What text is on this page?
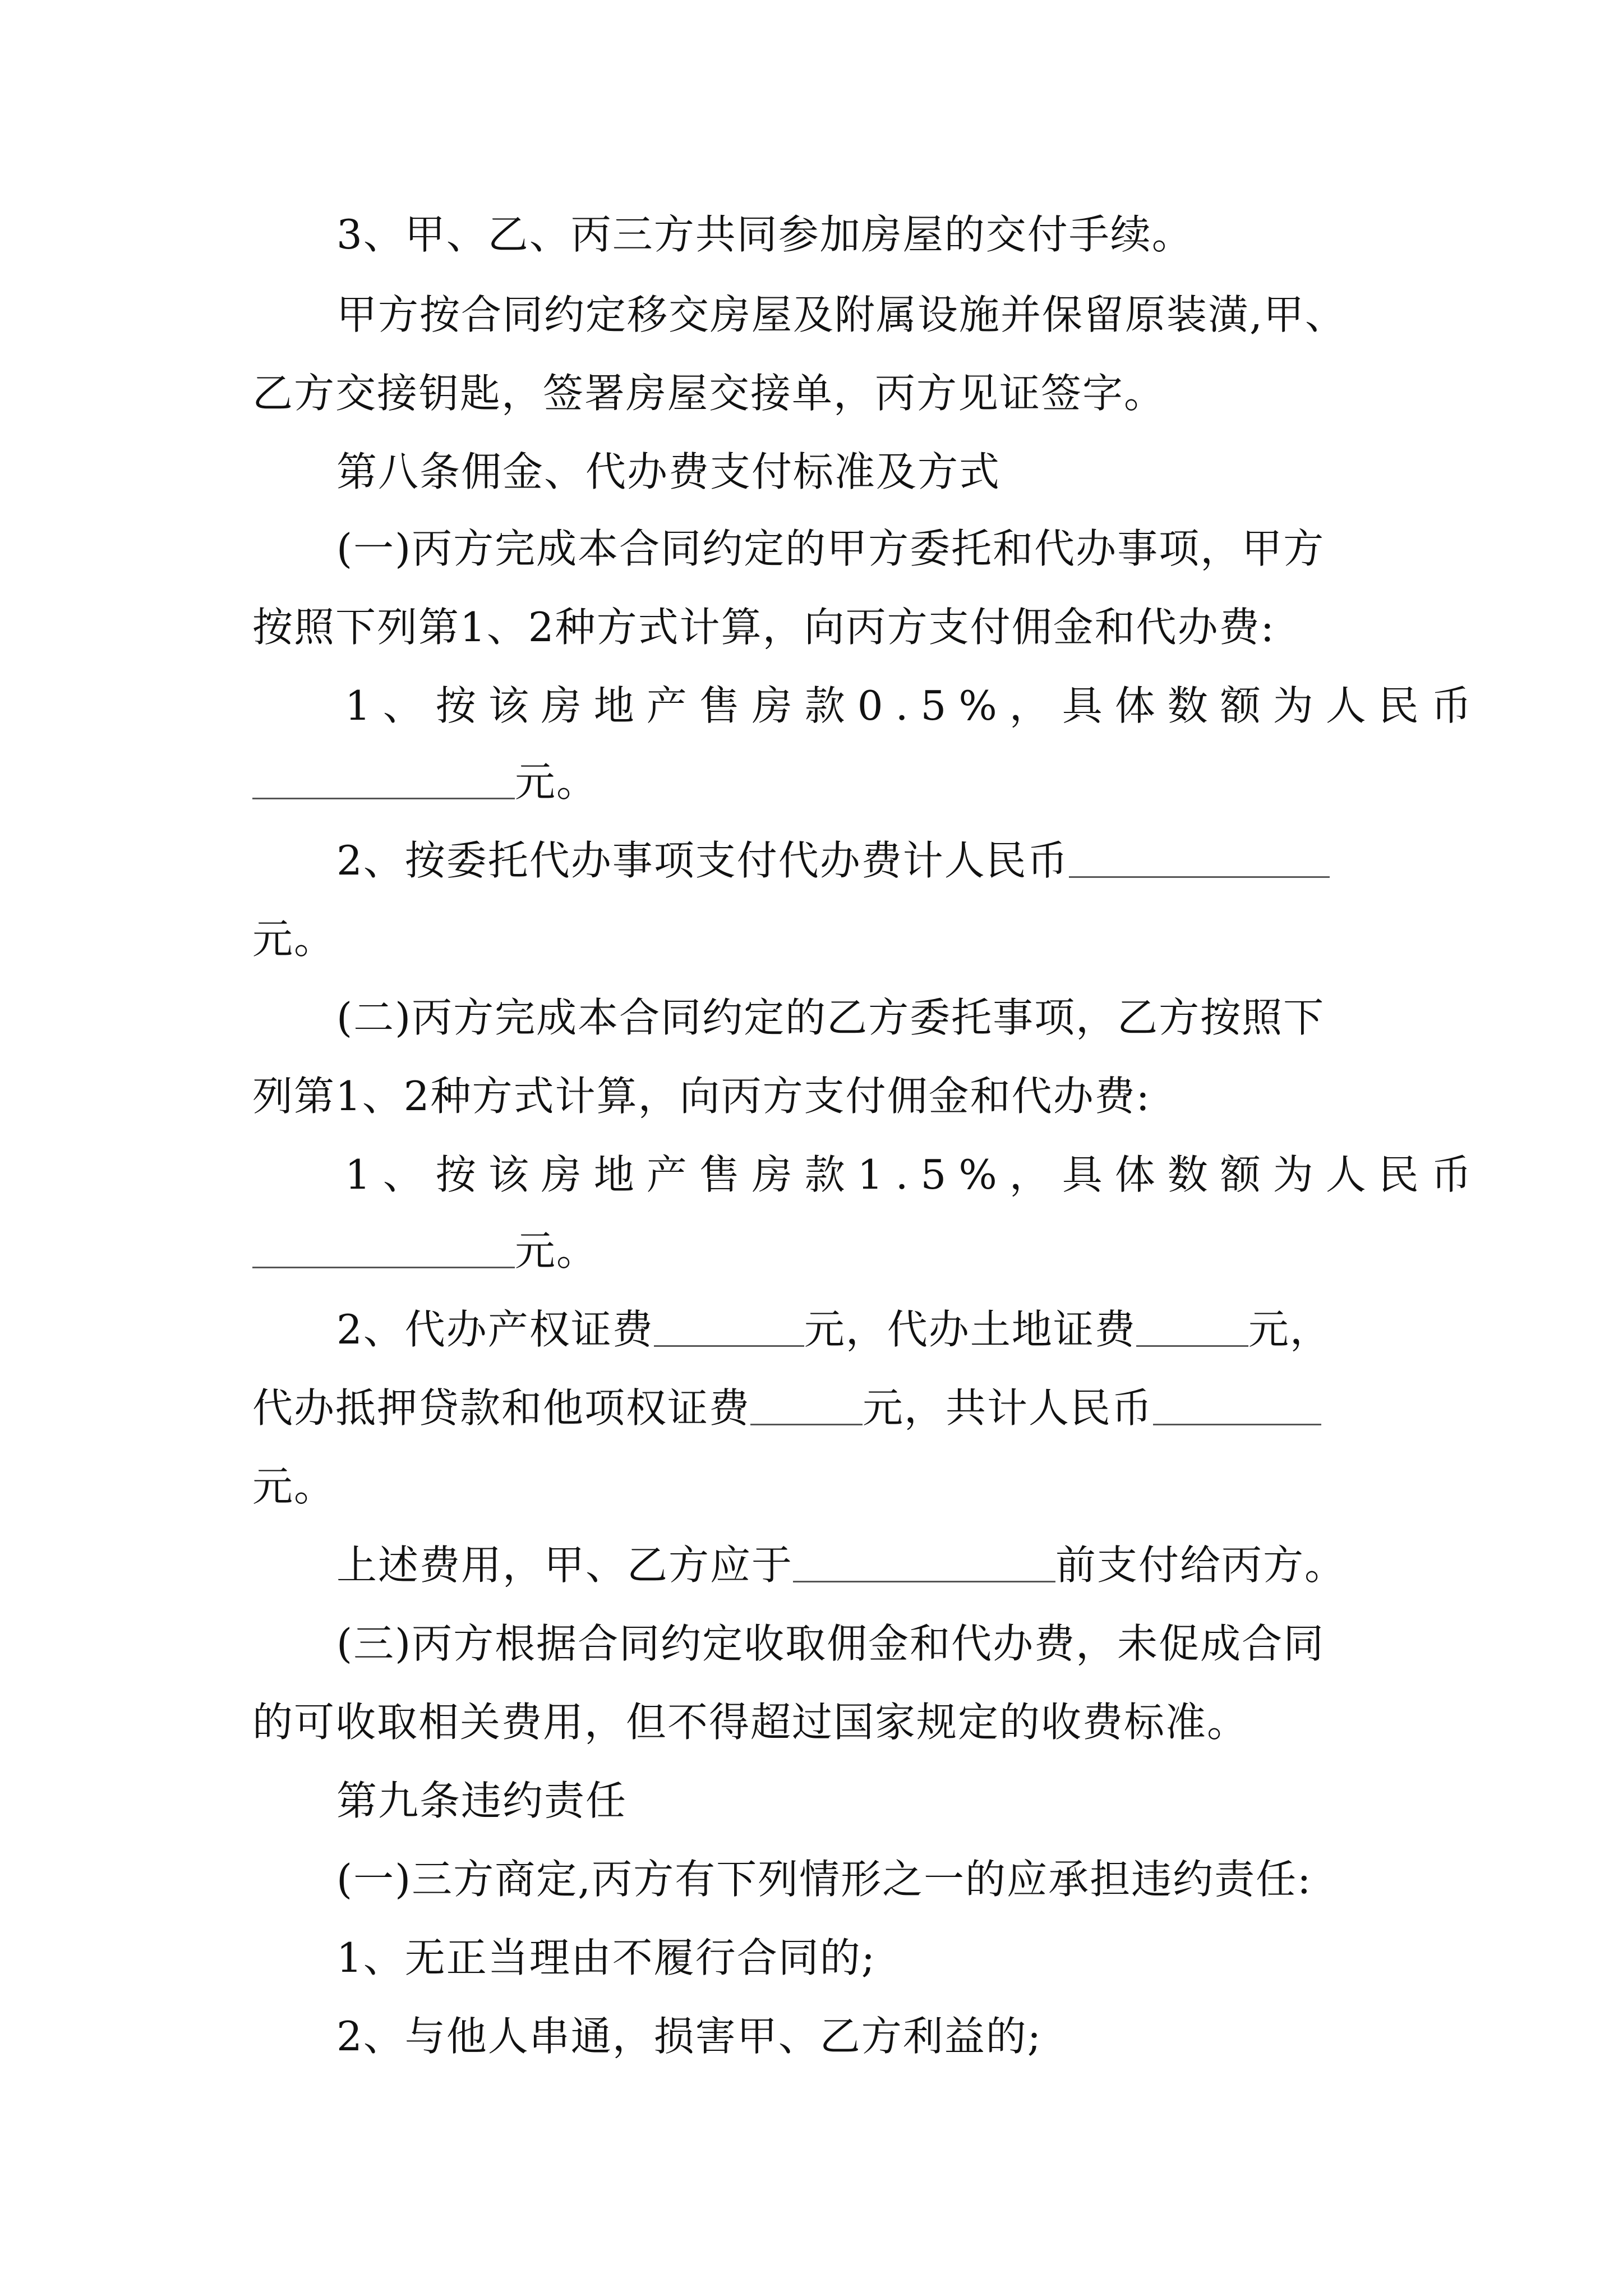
3、甲、乙、丙三方共同参加房屋的交付手续。
甲方按合同约定移交房屋及附属设施并保留原装潢,甲、
乙方交接钥匙，签署房屋交接单，丙方见证签字。
第八条佣金、代办费支付标准及方式
(一)丙方完成本合同约定的甲方委托和代办事项，甲方
按照下列第1、2种方式计算，向丙方支付佣金和代办费:
1、按该房地产售房款0.5%，具体数额为人民币
元。
2、按委托代办事项支付代办费计人民币
元。
(二)丙方完成本合同约定的乙方委托事项，乙方按照下
列第1、2种方式计算，向丙方支付佣金和代办费:
1、按该房地产售房款1.5%，具体数额为人民币
元。
2、代办产权证费	元，代办土地证费	元，
代办抵押贷款和他项权证费	元，共计人民币
元。
上述费用，甲、乙方应于	前支付给丙方。
(三)丙方根据合同约定收取佣金和代办费，未促成合同
的可收取相关费用，但不得超过国家规定的收费标准。
第九条违约责任
(一)三方商定,丙方有下列情形之一的应承担违约责任:
1、无正当理由不履行合同的;
2、与他人串通，损害甲、乙方利益的;
